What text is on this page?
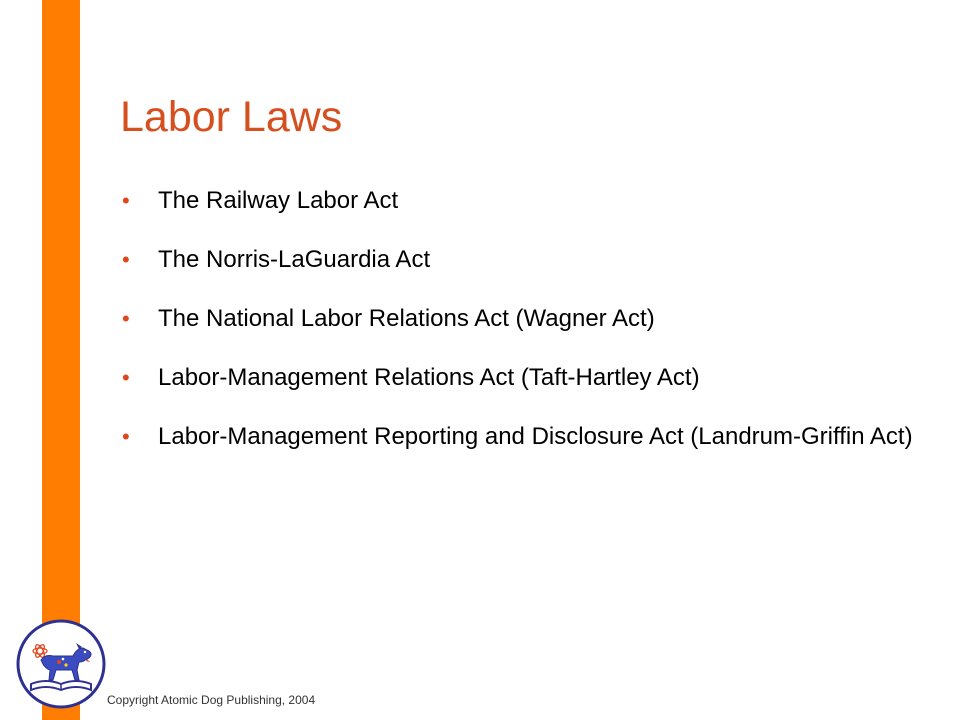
Labor Laws
• The Railway Labor Act
• The Norris-LaGuardia Act
• The National Labor Relations Act (Wagner Act)
• Labor-Management Relations Act (Taft-Hartley Act)
• Labor-Management Reporting and Disclosure Act (Landrum-Griffin Act)
Copyright Atomic Dog Publishing, 2004
